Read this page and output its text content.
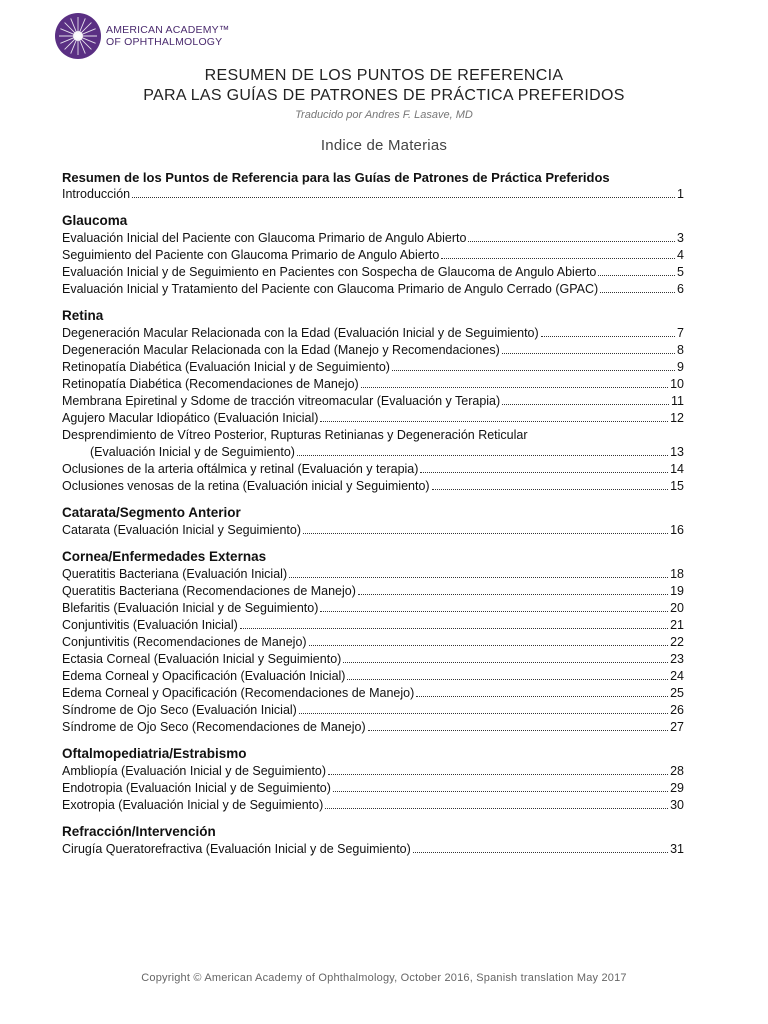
AMERICAN ACADEMY™
OF OPHTHALMOLOGY
RESUMEN DE LOS PUNTOS DE REFERENCIA
PARA LAS GUÍAS DE PATRONES DE PRÁCTICA PREFERIDOS
Traducido por Andres F. Lasave, MD
Indice de Materias
Resumen de los Puntos de Referencia para las Guías de Patrones de Práctica Preferidos
Introducción	1
Glaucoma
Evaluación Inicial del Paciente con Glaucoma Primario de Angulo Abierto	3
Seguimiento del Paciente con Glaucoma Primario de Angulo Abierto	4
Evaluación Inicial y de Seguimiento en Pacientes con Sospecha de Glaucoma de Angulo Abierto	5
Evaluación Inicial y Tratamiento del Paciente con Glaucoma Primario de Angulo Cerrado (GPAC)	6
Retina
Degeneración Macular Relacionada con la Edad (Evaluación Inicial y de Seguimiento)	7
Degeneración Macular Relacionada con la Edad (Manejo y Recomendaciones)	8
Retinopatía Diabética (Evaluación Inicial y de Seguimiento)	9
Retinopatía Diabética (Recomendaciones de Manejo)	10
Membrana Epiretinal y Sdome de tracción vitreomacular (Evaluación y Terapia)	11
Agujero Macular Idiopático (Evaluación Inicial)	12
Desprendimiento de Vítreo Posterior, Rupturas Retinianas y Degeneración Reticular
(Evaluación Inicial y de Seguimiento)	13
Oclusiones de la arteria oftálmica y retinal (Evaluación y terapia)	14
Oclusiones venosas de la retina (Evaluación inicial y Seguimiento)	15
Catarata/Segmento Anterior
Catarata (Evaluación Inicial y Seguimiento)	16
Cornea/Enfermedades Externas
Queratitis Bacteriana (Evaluación Inicial)	18
Queratitis Bacteriana (Recomendaciones de Manejo)	19
Blefaritis (Evaluación Inicial y de Seguimiento)	20
Conjuntivitis (Evaluación Inicial)	21
Conjuntivitis (Recomendaciones de Manejo)	22
Ectasia Corneal (Evaluación Inicial y Seguimiento)	23
Edema Corneal y Opacificación (Evaluación Inicial)	24
Edema Corneal y Opacificación (Recomendaciones de Manejo)	25
Síndrome de Ojo Seco (Evaluación Inicial)	26
Síndrome de Ojo Seco (Recomendaciones de Manejo)	27
Oftalmopediatria/Estrabismo
Ambliopía (Evaluación Inicial y de Seguimiento)	28
Endotropia (Evaluación Inicial y de Seguimiento)	29
Exotropia (Evaluación Inicial y de Seguimiento)	30
Refracción/Intervención
Cirugía Queratorefractiva (Evaluación Inicial y de Seguimiento)	31
Copyright © American Academy of Ophthalmology, October 2016, Spanish translation May 2017
